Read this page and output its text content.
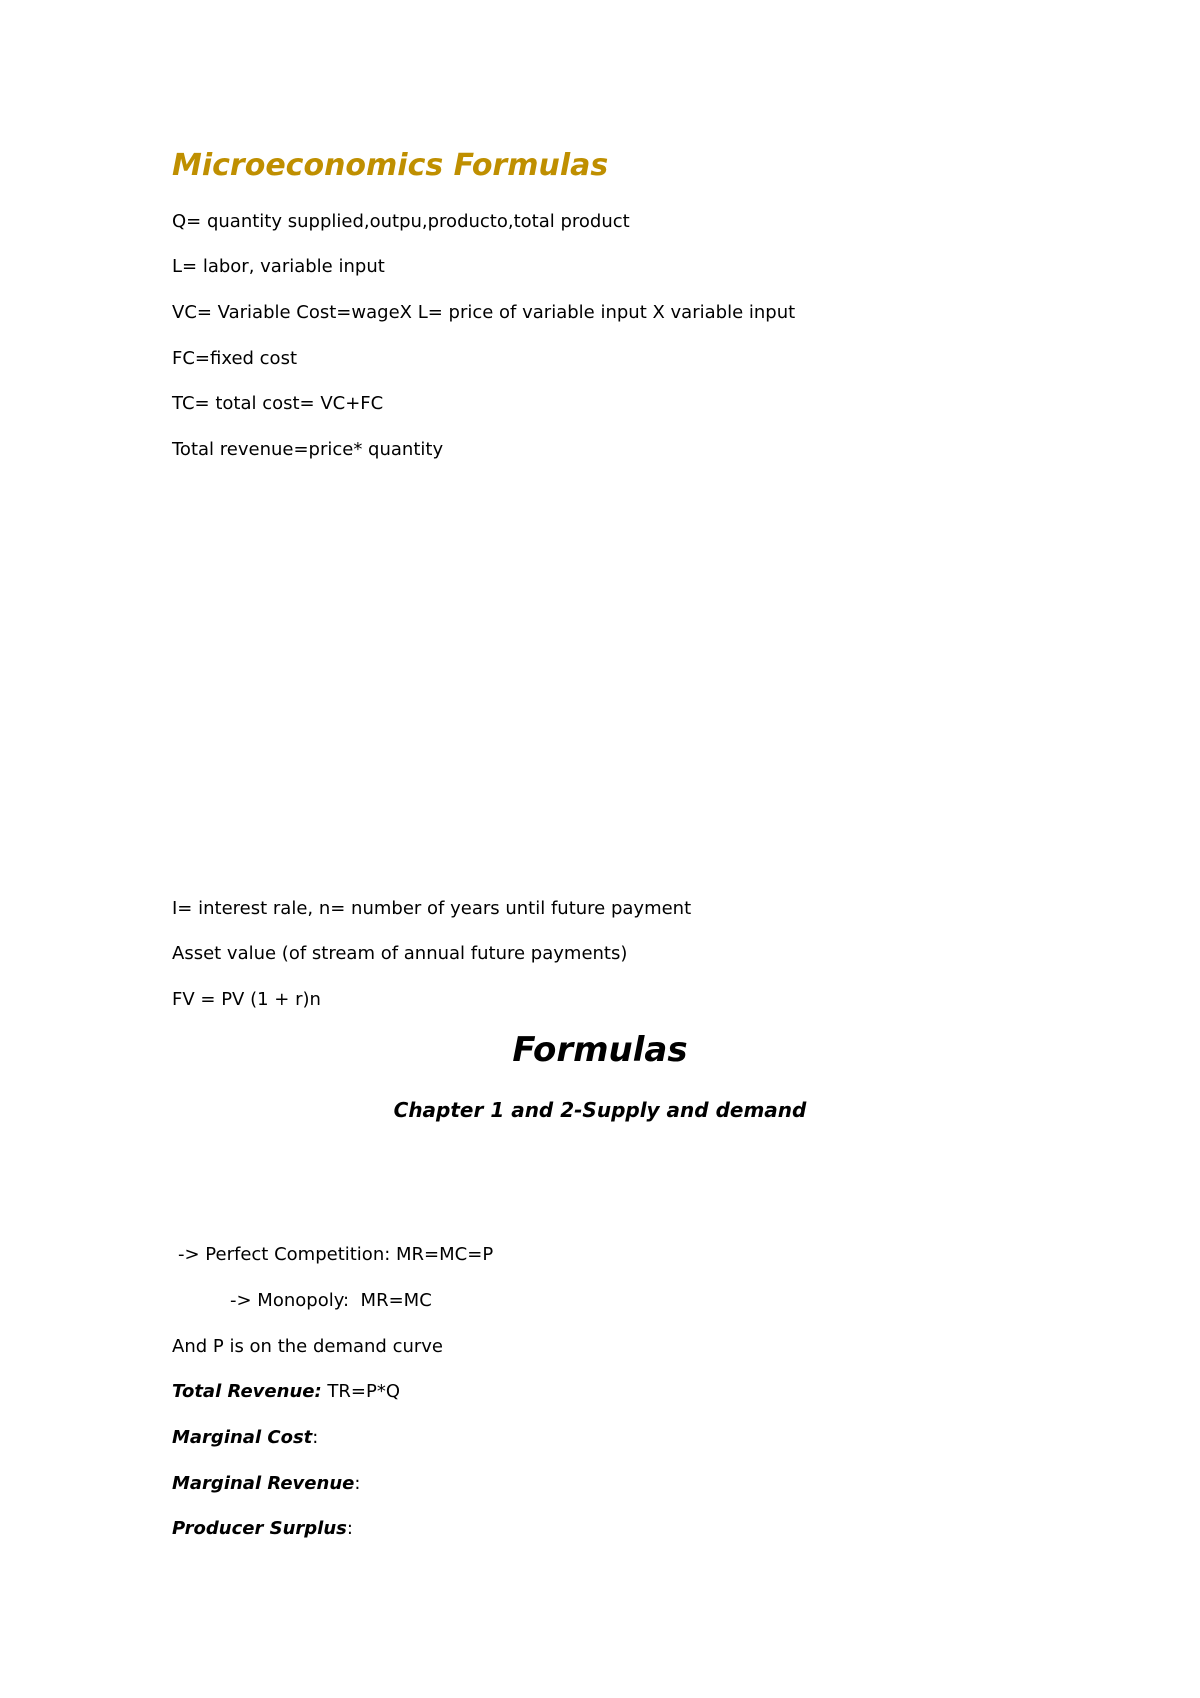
Microeconomics Formulas
Q= quantity supplied,outpu,producto,total product
L= labor, variable input
VC= Variable Cost=wageX L= price of variable input X variable input
FC=fixed cost
TC= total cost= VC+FC
Total revenue=price* quantity
I= interest rale, n= number of years until future payment
Asset value (of stream of annual future payments)
FV = PV (1 + r)n
Formulas
Chapter 1 and 2-Supply and demand
-> Perfect Competition: MR=MC=P
-> Monopoly:  MR=MC
And P is on the demand curve
Total Revenue: TR=P*Q
Marginal Cost:
Marginal Revenue:
Producer Surplus:
